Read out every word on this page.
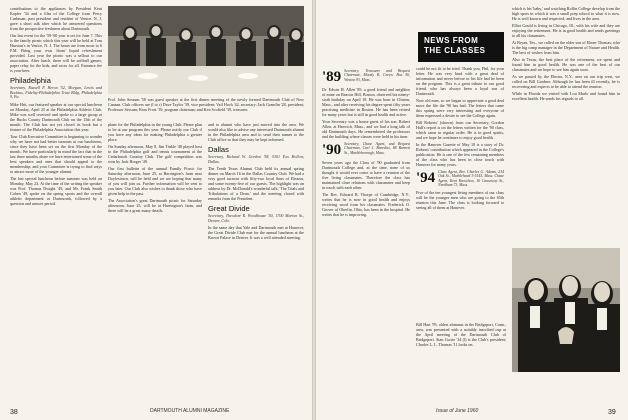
contributions to the appliances by President Kent Kapfer '34 and a film of the College from Percy Cushman, past president and resident of Venice. N. J. gave a short talk after which he answered questions from the prospective freshmen about Dartmouth.

Our last event for the '59-'60 year is set for June 7. This is the family picnic which this year will be held at Tom Hurston's in Venice, N. J. The hours are from noon to 6 P.M. Bring your own 'dram' liquid refreshment provided. Last year the picnic was a sellout to our association. After lunch, there will be softball games, paper relay for the kids, and races for all. Entrance fee is your beer.

Philadelphia
Secretary, Russell F. Heron '52, Morgan, Lewis and Bockius, Fidelity-Philadelphia Trust Bldg, Philadelphia 9, Pa.

Mike Hrit, our featured speaker at our special luncheon on Monday, April 25 at the Philadelphia Athletic Club. Mike was well received and spoke to a large group at the Bucks County Dartmouth Club on the 15th of the month. The Club has not yet closed its book but a feature of the Philadelphia Association this year.

Tour Club Executive Committee is beginning to wonder why we have not had better turnouts at our luncheons, since they have been set on the first Monday of the month. We have particularly in mind the fact that in the last three months alone we have entertained some of the best speakers and ones that should appeal to the membership, and your Commitee is trying to find ways to attract more of the younger alumni.

The last special luncheon before summer was held on Monday, May 23. At the time of the writing the speaker was Prof. Thomas Dwight '49, and Mr. Frank Smith Cohen '49, spoke on the spring sports and the overall athletic department at Dartmouth, followed by a question and answer period.

Prof. John Sessum '58 was guest speaker at the first dinner meeting of the newly formed Dartmouth Club of New Canaan. Club officers are (l to r) Dave Taylor '39, vice president; Vail Hoch '42, secretary; Jack Gramlin '28, president; Professor Sessum; Ross Frost '39, program chairman; and Ken Scofield '39, treasurer.

plane for the Philadelphia in the young Club. Please plan to be at our program this year. Please notify our Club if you have any ideas for making Philadelphia a greater place.

On Sunday afternoon, May 8, Jim Tinkle '48 played host to the Philadelphia golf and tennis tournament at the Cedarbrook Country Club. The golf competition was won by Jack Horger '49.

Our first bulletin of the annual Family Picnic for Saturday afternoon, June 25, at Harrington's farm near Doylestown, will be held and we are hoping that many of you will join us. Further information will be sent to you later. Our Club also wishes to thank those who have given help in the past.

The Association's great Dartmouth picnic for Saturday afternoon, June 25, will be at Harrington's farm, and there will be a great many details.

and to alumni who have just moved into the area. We would also like to advise any interested Dartmouth alumni in the Philadelphia area and to send their names to the Club office so that they may be kept informed.

Dallas
Secretary, Richard W. Gordon '58, 5301 Fox Hollow, Dallas.

The Tenth Texas Alumni Club held its annual spring dinner on March 16 in the Dallas Country Club. We had a very good turnout with fifty-two local Sons of Eleazar, and some twenty-five of our guests. The highlight was an address by Dr. McDonald's wonderful talk, 'The Trials and Tribulations of a Dean,' and the meeting closed with remarks from the President.

Great Divide
Secretary, Theodore R. Woodhouse '50, 1700 Marion St., Denver, Colo.

In the same day that Yale and Dartmouth met at Hanover, the Great Divide Club met for the annual luncheon at the Brown Palace in Denver. It was a well attended meeting.

38	DARTMOUTH ALUMNI MAGAZINE
'89 Secretary, Treasurer and Bequest Chairman, Moody B. Green, Box 56, Weston 93, Mass.

Dr. Edwin H. Allen '89, a good friend and neighbor of mine on Beacon Hill, Boston, observed his ninety-sixth birthday on April 18. He was born in Clinton, Mass., and after receiving his degree spent fifty years practising medicine in Boston. He has been retired for many years but is still in good health and active.

Your Secretary was a house guest of his son, Robert Allen, at Harwich, Mass., and we had a long talk of old Dartmouth days. He remembered the professors and the building where classes were held in his time.

'90 Secretary, Chase Agent, and Bequest Chairman, Carl J. Benedict, 88 Burnett St., Marbleborough, Mass.

Seven years ago the Class of '90 graduated from Dartmouth College and, at the time, none of us thought it would ever come to have a reunion of the five living classmates. Therefore the class has maintained close relations with classmates and keep in touch with each other.

The Rev. Edward B. Thorpe of Cambridge, N.Y., writes that he is now in good health and enjoys receiving word from his classmates. Frederick O. Grover of Oberlin, Ohio, has been in the hospital. He writes that he is improving.

could be not fit to be tried. Thank you, Phil, for your letter. He was very kind with a great deal of information and never before in his life had he been on the program. This is a great tribute to our good friend, who has always been a loyal son of Dartmouth.

Now old men, so we began to appreciate a good deal more the life the '90 has had. The letters that came this spring were very interesting and everyone of them expressed a desire to see the College again.

Bill Roberts' (shown) from our Secretary, Gordon Hall's report is on the letters written for the '90 class, which came in regular order. He is in good spirits, and we hope he continues to enjoy good health.

In the Hanover Gazette of May 18 is a story of Dr. Roberts' contribution which appeared in the College's publication. He is one of the few remaining members of the class who has been in close touch with Hanover for many years.

'94 Class Agent, Rev. Charles G. Adams, 234 Oak St., Marblehead 3-5145, Mass. Chase Agent, Kent Knowlton, 16 Causeway St., Needham 73, Mass.

Five of the ten youngest living members of our class will be the younger men who are going to the 65th reunion this June. The class is looking forward to seeing all of them at Hanover.

NEWS FROM
THE CLASSES

which is his 'baby,' and watching Rollin College develop from the high spots in which it was a small prep school to what it is now. He is well known and respected, and lives in the area.

Elliot Gould is living in Chicago, Ill., with his wife and they are enjoying the retirement. He is in good health and sends greetings to all his classmates.

At Bryan, Tex., we called on the older son of Elmer Thomas, who is the big camp manager in the Department of Nature and Health. The best of wishes from him.

Also in Texas, the best place of the retirement, we spent and found him in good health. He was one of the best of our classmates and we hope to see him again soon.

As we passed by the Elmira, N.Y., area on our trip west, we called on Bill Gardner. Although he has been ill recently, he is recovering and expects to be able to attend the reunion.

While in Florida we visited with Lou Marlo and found him in excellent health. He sends his regards to all.

Bill Hart '95, oldest alumnus in the Bridgeport, Conn., area, was presented with a suitably inscribed cup at the April meeting of the Dartmouth Club of Bridgeport. Stan Currie '34 (l) is the Club's president; Charles L. L. Thomas '11 looks on.
Issue of June 1960	39
